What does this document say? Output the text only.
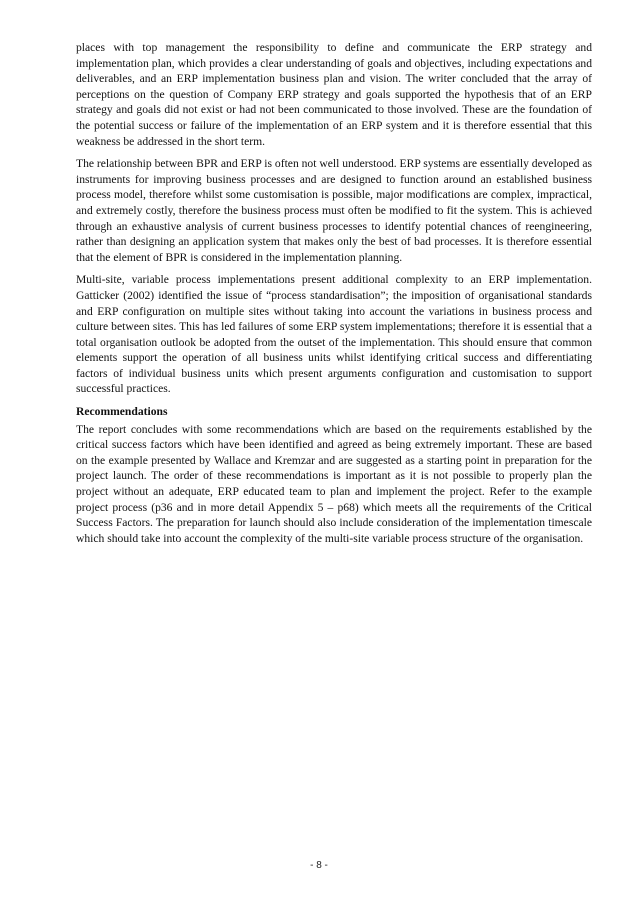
places with top management the responsibility to define and communicate the ERP strategy and implementation plan, which provides a clear understanding of goals and objectives, including expectations and deliverables, and an ERP implementation business plan and vision. The writer concluded that the array of perceptions on the question of Company ERP strategy and goals supported the hypothesis that of an ERP strategy and goals did not exist or had not been communicated to those involved. These are the foundation of the potential success or failure of the implementation of an ERP system and it is therefore essential that this weakness be addressed in the short term.

The relationship between BPR and ERP is often not well understood. ERP systems are essentially developed as instruments for improving business processes and are designed to function around an established business process model, therefore whilst some customisation is possible, major modifications are complex, impractical, and extremely costly, therefore the business process must often be modified to fit the system. This is achieved through an exhaustive analysis of current business processes to identify potential chances of reengineering, rather than designing an application system that makes only the best of bad processes. It is therefore essential that the element of BPR is considered in the implementation planning.

Multi-site, variable process implementations present additional complexity to an ERP implementation. Gatticker (2002) identified the issue of “process standardisation”; the imposition of organisational standards and ERP configuration on multiple sites without taking into account the variations in business process and culture between sites. This has led failures of some ERP system implementations; therefore it is essential that a total organisation outlook be adopted from the outset of the implementation. This should ensure that common elements support the operation of all business units whilst identifying critical success and differentiating factors of individual business units which present arguments configuration and customisation to support successful practices.

Recommendations

The report concludes with some recommendations which are based on the requirements established by the critical success factors which have been identified and agreed as being extremely important. These are based on the example presented by Wallace and Kremzar and are suggested as a starting point in preparation for the project launch. The order of these recommendations is important as it is not possible to properly plan the project without an adequate, ERP educated team to plan and implement the project. Refer to the example project process (p36 and in more detail Appendix 5 – p68) which meets all the requirements of the Critical Success Factors. The preparation for launch should also include consideration of the implementation timescale which should take into account the complexity of the multi-site variable process structure of the organisation.

- 8 -
